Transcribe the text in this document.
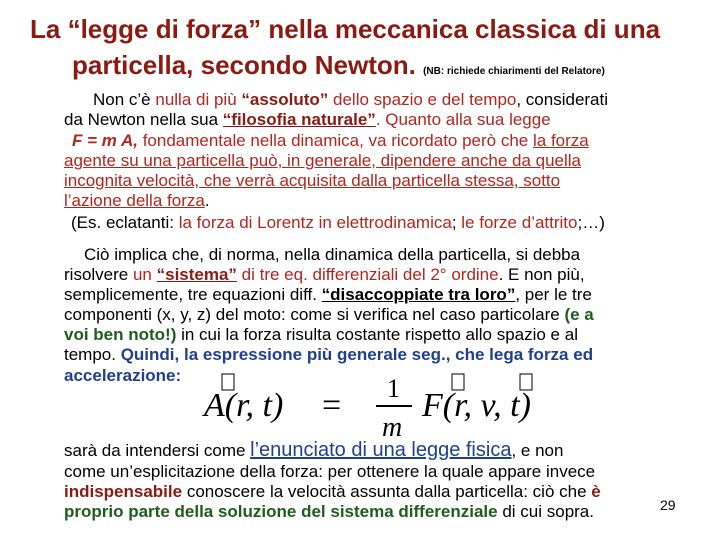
La “legge di forza” nella meccanica classica di una
particella, secondo Newton. (NB: richiede chiarimenti del Relatore)
Non c’è nulla di più “assoluto” dello spazio e del tempo, considerati
da Newton nella sua “filosofia naturale”. Quanto alla sua legge
F = m A, fondamentale nella dinamica, va ricordato però che la forza
agente su una particella può, in generale, dipendere anche da quella
incognita velocità, che verrà acquisita dalla particella stessa, sotto
l’azione della forza.
(Es. eclatanti: la forza di Lorentz in elettrodinamica; le forze d’attrito;…)
Ciò implica che, di norma, nella dinamica della particella, si debba
risolvere un “sistema” di tre eq. differenziali del 2° ordine. E non più,
semplicemente, tre equazioni diff. “disaccoppiate tra loro”, per le tre
componenti (x, y, z) del moto: come si verifica nel caso particolare (e a
voi ben noto!) in cui la forza risulta costante rispetto allo spazio e al
tempo. Quindi, la espressione più generale seg., che lega forza ed
accelerazione:
A(r, t) = 1
m
F(r, v, t)
sarà da intendersi come l’enunciato di una legge fisica, e non
come un’esplicitazione della forza: per ottenere la quale appare invece
indispensabile conoscere la velocità assunta dalla particella: ciò che è
proprio parte della soluzione del sistema differenziale di cui sopra.	29
